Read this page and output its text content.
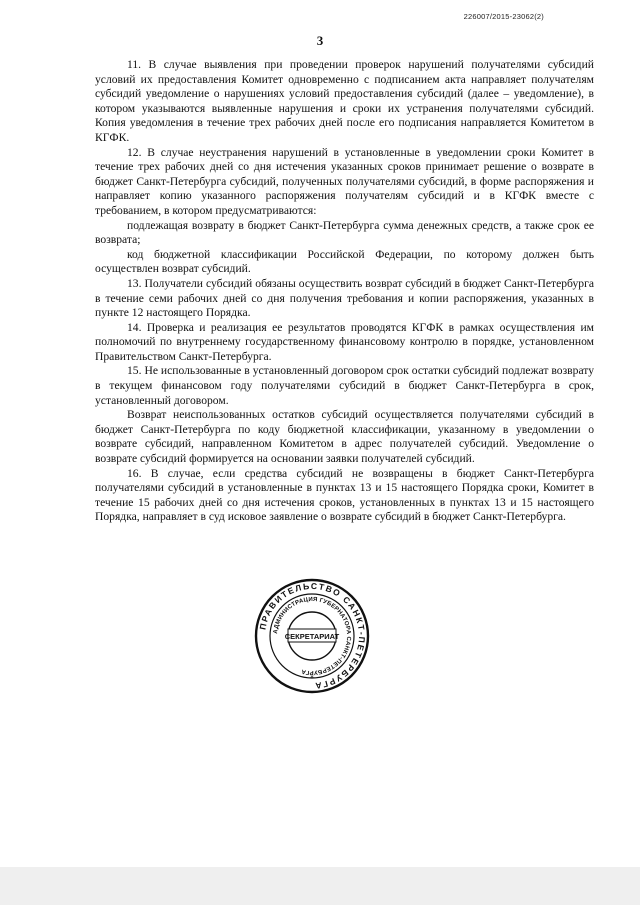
226007/2015-23062(2)
3

11. В случае выявления при проведении проверок нарушений получателями субсидий условий их предоставления Комитет одновременно с подписанием акта направляет получателям субсидий уведомление о нарушениях условий предоставления субсидий (далее – уведомление), в котором указываются выявленные нарушения и сроки их устранения получателями субсидий. Копия уведомления в течение трех рабочих дней после его подписания направляется Комитетом в КГФК.

12. В случае неустранения нарушений в установленные в уведомлении сроки Комитет в течение трех рабочих дней со дня истечения указанных сроков принимает решение о возврате в бюджет Санкт-Петербурга субсидий, полученных получателями субсидий, в форме распоряжения и направляет копию указанного распоряжения получателям субсидий и в КГФК вместе с требованием, в котором предусматриваются:

подлежащая возврату в бюджет Санкт-Петербурга сумма денежных средств, а также срок ее возврата;

код бюджетной классификации Российской Федерации, по которому должен быть осуществлен возврат субсидий.

13. Получатели субсидий обязаны осуществить возврат субсидий в бюджет Санкт-Петербурга в течение семи рабочих дней со дня получения требования и копии распоряжения, указанных в пункте 12 настоящего Порядка.

14. Проверка и реализация ее результатов проводятся КГФК в рамках осуществления им полномочий по внутреннему государственному финансовому контролю в порядке, установленном Правительством Санкт-Петербурга.

15. Не использованные в установленный договором срок остатки субсидий подлежат возврату в текущем финансовом году получателями субсидий в бюджет Санкт-Петербурга в срок, установленный договором.

Возврат неиспользованных остатков субсидий осуществляется получателями субсидий в бюджет Санкт-Петербурга по коду бюджетной классификации, указанному в уведомлении о возврате субсидий, направленном Комитетом в адрес получателей субсидий. Уведомление о возврате субсидий формируется на основании заявки получателей субсидий.

16. В случае, если средства субсидий не возвращены в бюджет Санкт-Петербурга получателями субсидий в установленные в пунктах 13 и 15 настоящего Порядка сроки, Комитет в течение 15 рабочих дней со дня истечения сроков, установленных в пунктах 13 и 15 настоящего Порядка, направляет в суд исковое заявление о возврате субсидий в бюджет Санкт-Петербурга.

ПРАВИТЕЛЬСТВО САНКТ-ПЕТЕРБУРГА
АДМИНИСТРАЦИЯ ГУБЕРНАТОРА САНКТ-ПЕТЕРБУРГА
СЕКРЕТАРИАТ
*
